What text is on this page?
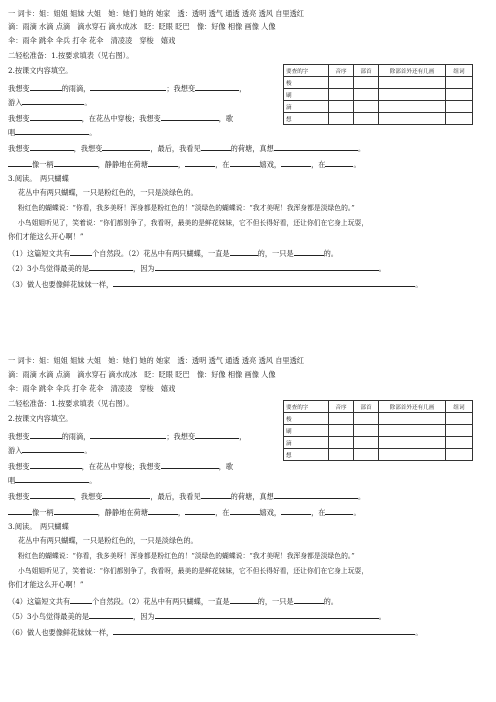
一 词卡：姐：姐姐 姐妹 大姐　她：她们 她的 她家　透：透明 透气 通透 透亮 透风 自里透红
滴：雨滴 水滴 点滴　滴水穿石 滴水成冰　眨：眨眼 眨巴　像：好像 相像 画像 人像
伞：雨伞 跳伞 伞兵 打伞 花伞　清凌凌　穿梭　嬉戏
二轻松准备：1.按要求填表（见右图）。
2.按课文内容填空。
我想变	的雨滴，	；我想变	，
游入	。
我想变	，在花丛中穿梭；我想变	，歌
唱	。
我想变	，我想变	，最后，我看见	的荷塘，真想	。
像一柄	，静静地在荷塘	，	，在	嬉戏，	，在	。
3.阅读。　两只蝴蝶
花丛中有两只蝴蝶，一只是粉红色的，一只是淡绿色的。
粉红色的蝴蝶说：“你看，我多美呀！浑身都是粉红色的！”淡绿色的蝴蝶说：“我才美呢！我浑身都是淡绿色的。”
小鸟姐姐听见了，笑着说：“你们都别争了，我看呀，最美的是鲜花妹妹，它不但长得好看，还让你们在它身上玩耍，
你们才能这么开心啊！”
（1）这篇短文共有	个自然段。（2）花丛中有两只蝴蝶，一直是	的，一只是	的。
（2）3小鸟觉得最美的是	，因为	。
（3）做人也要像鲜花妹妹一样，	。
要查的字	音序	部首	除部首外还有几画	组词
梭				
刷				
滴				
想				
一 词卡：姐：姐姐 姐妹 大姐　她：她们 她的 她家　透：透明 透气 通透 透亮 透风 自里透红
滴：雨滴 水滴 点滴　滴水穿石 滴水成冰　眨：眨眼 眨巴　像：好像 相像 画像 人像
伞：雨伞 跳伞 伞兵 打伞 花伞　清凌凌　穿梭　嬉戏
二轻松准备：1.按要求填表（见右图）。
2.按课文内容填空。
我想变	的雨滴，	；我想变	，
游入	。
我想变	，在花丛中穿梭；我想变	，歌
唱	。
我想变	，我想变	，最后，我看见	的荷塘，真想	。
像一柄	，静静地在荷塘	，	，在	嬉戏，	，在	。
3.阅读。　两只蝴蝶
花丛中有两只蝴蝶，一只是粉红色的，一只是淡绿色的。
粉红色的蝴蝶说：“你看，我多美呀！浑身都是粉红色的！”淡绿色的蝴蝶说：“我才美呢！我浑身都是淡绿色的。”
小鸟姐姐听见了，笑着说：“你们都别争了，我看呀，最美的是鲜花妹妹，它不但长得好看，还让你们在它身上玩耍，
你们才能这么开心啊！”
（4）这篇短文共有	个自然段。（2）花丛中有两只蝴蝶，一直是	的，一只是	的。
（5）3小鸟觉得最美的是	，因为	。
（6）做人也要像鲜花妹妹一样，	。
要查的字	音序	部首	除部首外还有几画	组词
梭				
刷				
滴				
想				
